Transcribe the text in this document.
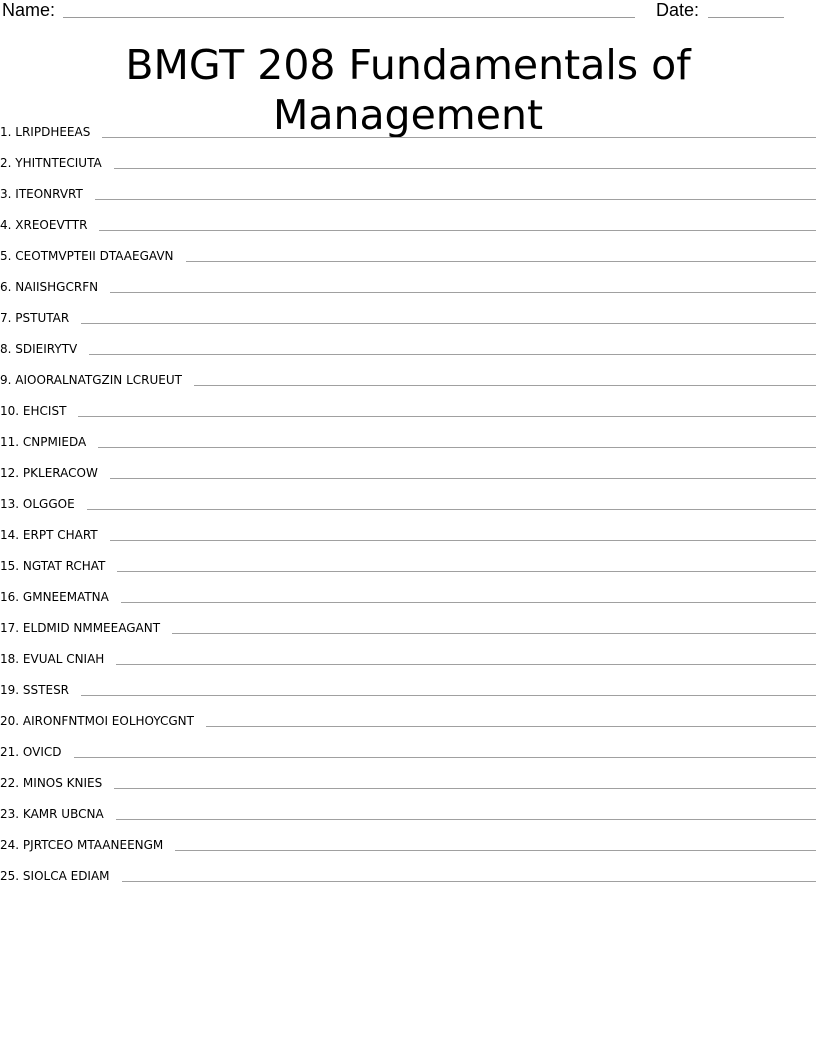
Name:	Date:
BMGT 208 Fundamentals of Management
1.
LRIPDHEEAS
2.
YHITNTECIUTA
3.
ITEONRVRT
4.
XREOEVTTR
5.
CEOTMVPTEII DTAAEGAVN
6.
NAIISHGCRFN
7.
PSTUTAR
8.
SDIEIRYTV
9.
AIOORALNATGZIN LCRUEUT
10.
EHCIST
11.
CNPMIEDA
12.
PKLERACOW
13.
OLGGOE
14.
ERPT CHART
15.
NGTAT RCHAT
16.
GMNEEMATNA
17.
ELDMID NMMEEAGANT
18.
EVUAL CNIAH
19.
SSTESR
20.
AIRONFNTMOI EOLHOYCGNT
21.
OVICD
22.
MINOS KNIES
23.
KAMR UBCNA
24.
PJRTCEO MTAANEENGM
25.
SIOLCA EDIAM
